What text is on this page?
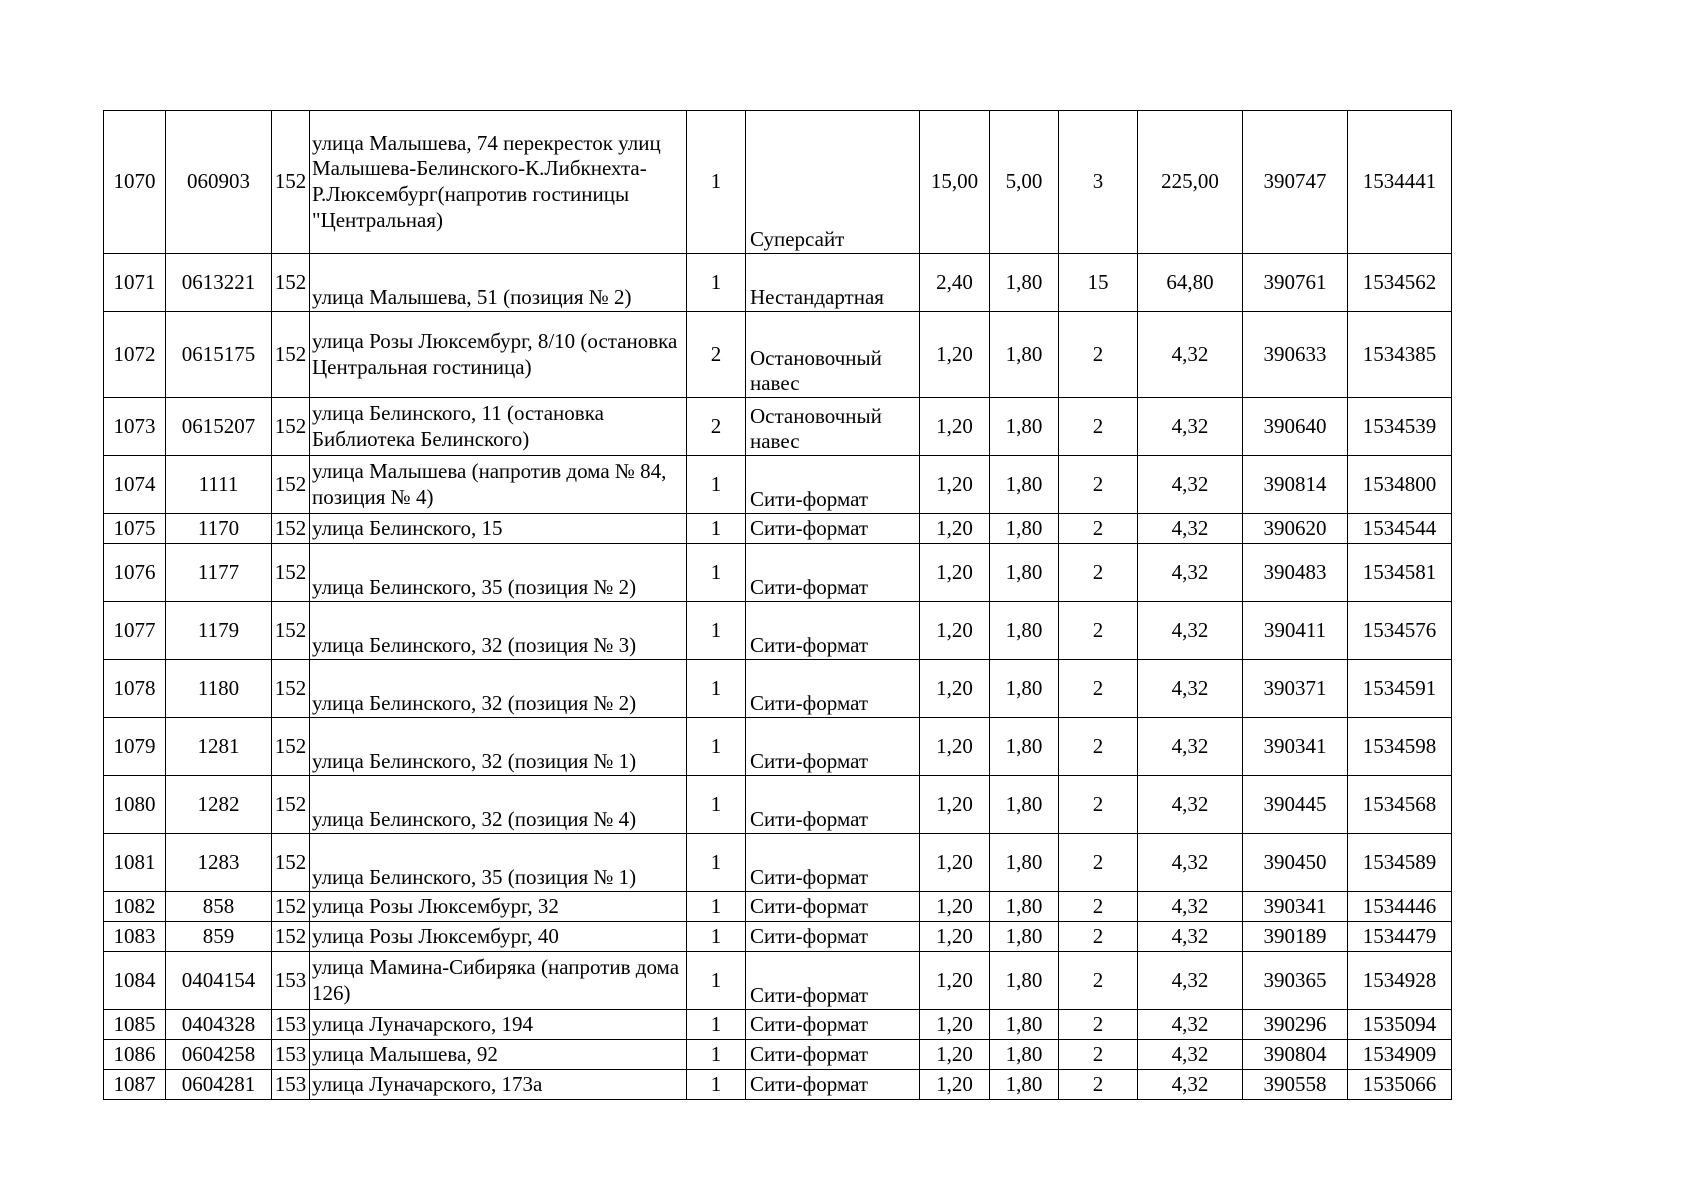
1070	060903	152	улица Малышева, 74 перекресток улиц Малышева-Белинского-К.Либкнехта-Р.Люксембург(напротив гостиницы "Центральная)	1	Суперсайт	15,00	5,00	3	225,00	390747	1534441
1071	0613221	152	улица Малышева, 51 (позиция № 2)	1	Нестандартная	2,40	1,80	15	64,80	390761	1534562
1072	0615175	152	улица Розы Люксембург, 8/10 (остановка Центральная гостиница)	2	Остановочный навес	1,20	1,80	2	4,32	390633	1534385
1073	0615207	152	улица Белинского, 11 (остановка Библиотека Белинского)	2	Остановочный навес	1,20	1,80	2	4,32	390640	1534539
1074	1111	152	улица Малышева (напротив дома № 84, позиция № 4)	1	Сити-формат	1,20	1,80	2	4,32	390814	1534800
1075	1170	152	улица Белинского, 15	1	Сити-формат	1,20	1,80	2	4,32	390620	1534544
1076	1177	152	улица Белинского, 35 (позиция № 2)	1	Сити-формат	1,20	1,80	2	4,32	390483	1534581
1077	1179	152	улица Белинского, 32 (позиция № 3)	1	Сити-формат	1,20	1,80	2	4,32	390411	1534576
1078	1180	152	улица Белинского, 32 (позиция № 2)	1	Сити-формат	1,20	1,80	2	4,32	390371	1534591
1079	1281	152	улица Белинского, 32 (позиция № 1)	1	Сити-формат	1,20	1,80	2	4,32	390341	1534598
1080	1282	152	улица Белинского, 32 (позиция № 4)	1	Сити-формат	1,20	1,80	2	4,32	390445	1534568
1081	1283	152	улица Белинского, 35 (позиция № 1)	1	Сити-формат	1,20	1,80	2	4,32	390450	1534589
1082	858	152	улица Розы Люксембург, 32	1	Сити-формат	1,20	1,80	2	4,32	390341	1534446
1083	859	152	улица Розы Люксембург, 40	1	Сити-формат	1,20	1,80	2	4,32	390189	1534479
1084	0404154	153	улица Мамина-Сибиряка (напротив дома 126)	1	Сити-формат	1,20	1,80	2	4,32	390365	1534928
1085	0404328	153	улица Луначарского, 194	1	Сити-формат	1,20	1,80	2	4,32	390296	1535094
1086	0604258	153	улица Малышева, 92	1	Сити-формат	1,20	1,80	2	4,32	390804	1534909
1087	0604281	153	улица Луначарского, 173а	1	Сити-формат	1,20	1,80	2	4,32	390558	1535066
